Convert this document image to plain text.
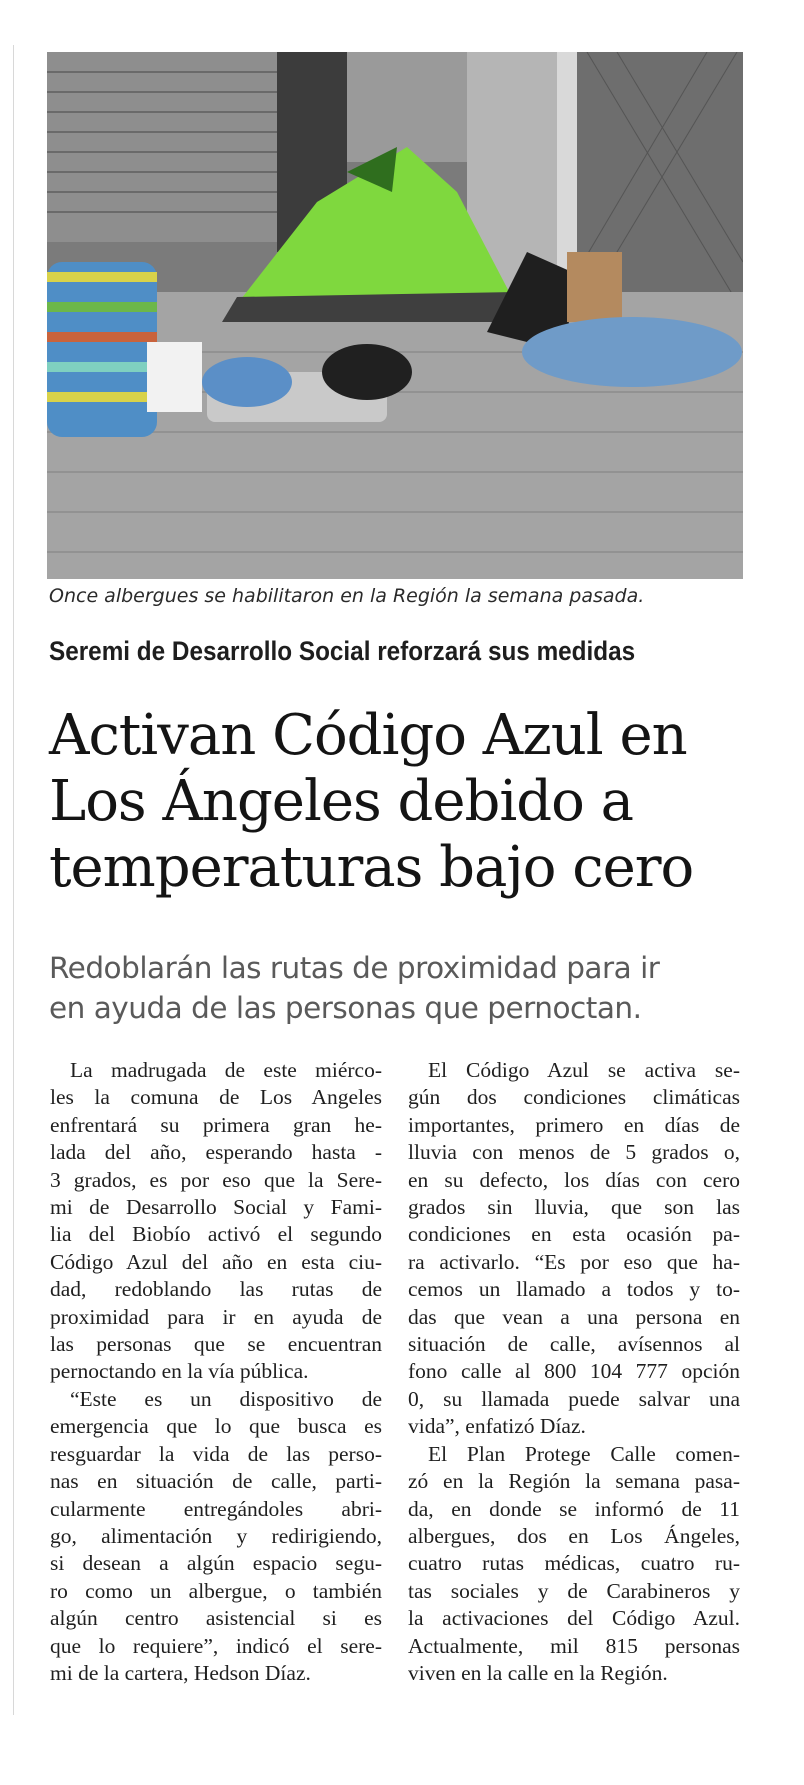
Once albergues se habilitaron en la Región la semana pasada.
Seremi de Desarrollo Social reforzará sus medidas
Activan Código Azul en
Los Ángeles debido a
temperaturas bajo cero
Redoblarán las rutas de proximidad para ir
en ayuda de las personas que pernoctan.
La madrugada de este miérco-
les la comuna de Los Angeles
enfrentará su primera gran he-
lada del año, esperando hasta -
3 grados, es por eso que la Sere-
mi de Desarrollo Social y Fami-
lia del Biobío activó el segundo
Código Azul del año en esta ciu-
dad, redoblando las rutas de
proximidad para ir en ayuda de
las personas que se encuentran
pernoctando en la vía pública.
“Este es un dispositivo de
emergencia que lo que busca es
resguardar la vida de las perso-
nas en situación de calle, parti-
cularmente entregándoles abri-
go, alimentación y redirigiendo,
si desean a algún espacio segu-
ro como un albergue, o también
algún centro asistencial si es
que lo requiere”, indicó el sere-
mi de la cartera, Hedson Díaz.
El Código Azul se activa se-
gún dos condiciones climáticas
importantes, primero en días de
lluvia con menos de 5 grados o,
en su defecto, los días con cero
grados sin lluvia, que son las
condiciones en esta ocasión pa-
ra activarlo. “Es por eso que ha-
cemos un llamado a todos y to-
das que vean a una persona en
situación de calle, avísennos al
fono calle al 800 104 777 opción
0, su llamada puede salvar una
vida”, enfatizó Díaz.
El Plan Protege Calle comen-
zó en la Región la semana pasa-
da, en donde se informó de 11
albergues, dos en Los Ángeles,
cuatro rutas médicas, cuatro ru-
tas sociales y de Carabineros y
la activaciones del Código Azul.
Actualmente, mil 815 personas
viven en la calle en la Región.
